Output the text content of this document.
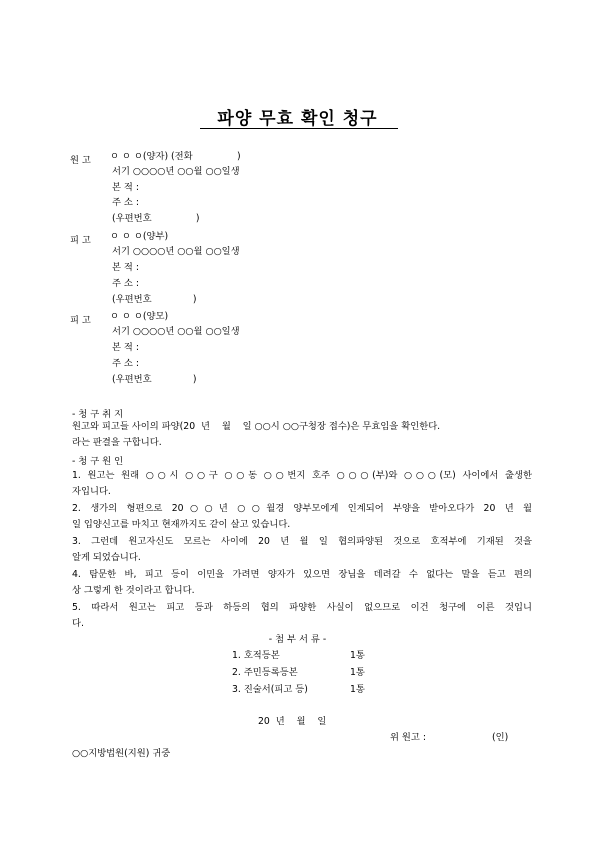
파양 무효 확인 청구
원 고 ㅇ ㅇ ㅇ(양자) (전화               )
서기 ○○○○년 ○○월 ○○일생
본 적 :
주 소 :
(우편번호               )
피 고 ㅇ ㅇ ㅇ(양부)
서기 ○○○○년 ○○월 ○○일생
본 적 :
주 소 :
(우편번호              )
피 고 ㅇ ㅇ ㅇ(양모)
서기 ○○○○년 ○○월 ○○일생
본 적 :
주 소 :
(우편번호              )
- 청 구 취 지
원고와 피고들 사이의 파양(20  년    월    일 ○○시 ○○구청장 접수)은 무효임을 확인한다.
라는 판결을 구합니다.
- 청 구 원 인
1. 원고는 원래 ○○시 ○○구 ○○동 ○○번지 호주 ○○○(부)와 ○○○(모) 사이에서 출생한
자입니다.
2. 생가의 형편으로 20○○년 ○○월경 양부모에게 인계되어 부양을 받아오다가 20 년 월
일 입양신고를 마치고 현재까지도 같이 살고 있습니다.
3. 그런데 원고자신도 모르는 사이에 20 년 월 일 협의파양된 것으로 호적부에 기재된 것을
알게 되었습니다.
4. 탐문한 바, 피고 등이 이민을 가려면 양자가 있으면 장님을 데려갈 수 없다는 말을 듣고 편의
상 그렇게 한 것이라고 합니다.
5. 따라서 원고는 피고 등과 하등의 협의 파양한 사실이 없으므로 이건 청구에 이른 것입니
다.
- 첨 부 서 류 -
1. 호적등본	1통
2. 주민등록등본	1통
3. 진술서(피고 등)	1통
20  년    월    일
위 원고 :	(인)
○○지방법원(지원) 귀중
